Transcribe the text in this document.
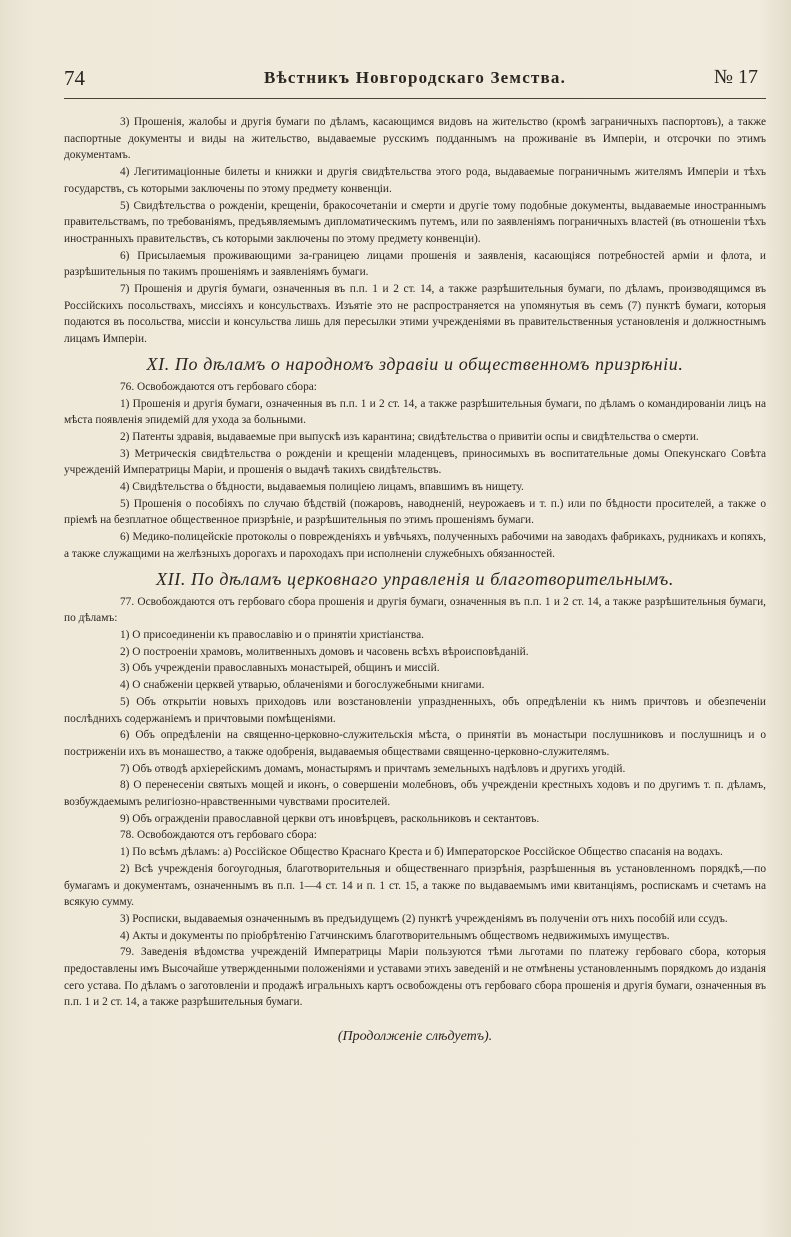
74	Вѣстникъ Новгородскаго Земства.	№ 17

3) Прошенія, жалобы и другія бумаги по дѣламъ, касающимся видовъ на жительство (кромѣ заграничныхъ паспортовъ), а также паспортные документы и виды на жительство, выдаваемые русскимъ подданнымъ на проживаніе въ Имперіи, и отсрочки по этимъ документамъ.

4) Легитимаціонные билеты и книжки и другія свидѣтельства этого рода, выдаваемые пограничнымъ жителямъ Имперіи и тѣхъ государствъ, съ которыми заключены по этому предмету конвенціи.

5) Свидѣтельства о рожденіи, крещеніи, бракосочетаніи и смерти и другіе тому подобные документы, выдаваемые иностраннымъ правительствамъ, по требованіямъ, предъявляемымъ дипломатическимъ путемъ, или по заявленіямъ пограничныхъ властей (въ отношеніи тѣхъ иностранныхъ правительствъ, съ которыми заключены по этому предмету конвенціи).

6) Присылаемыя проживающими за-границею лицами прошенія и заявленія, касающіяся потребностей арміи и флота, и разрѣшительныя по такимъ прошеніямъ и заявленіямъ бумаги.

7) Прошенія и другія бумаги, означенныя въ п.п. 1 и 2 ст. 14, а также разрѣшительныя бумаги, по дѣламъ, производящимся въ Россійскихъ посольствахъ, миссіяхъ и консульствахъ. Изъятіе это не распространяется на упомянутыя въ семъ (7) пунктѣ бумаги, которыя подаются въ посольства, миссіи и консульства лишь для пересылки этими учрежденіями въ правительственныя установленія и должностнымъ лицамъ Имперіи.

XI. По дѣламъ о народномъ здравіи и общественномъ призрѣніи.

76. Освобождаются отъ гербоваго сбора:

1) Прошенія и другія бумаги, означенныя въ п.п. 1 и 2 ст. 14, а также разрѣшительныя бумаги, по дѣламъ о командированіи лицъ на мѣста появленія эпидемій для ухода за больными.

2) Патенты здравія, выдаваемые при выпускѣ изъ карантина; свидѣтельства о привитіи оспы и свидѣтельства о смерти.

3) Метрическія свидѣтельства о рожденіи и крещеніи младенцевъ, приносимыхъ въ воспитательные домы Опекунскаго Совѣта учрежденій Императрицы Маріи, и прошенія о выдачѣ такихъ свидѣтельствъ.

4) Свидѣтельства о бѣдности, выдаваемыя полиціею лицамъ, впавшимъ въ нищету.

5) Прошенія о пособіяхъ по случаю бѣдствій (пожаровъ, наводненій, неурожаевъ и т. п.) или по бѣдности просителей, а также о пріемѣ на безплатное общественное призрѣніе, и разрѣшительныя по этимъ прошеніямъ бумаги.

6) Медико-полицейскіе протоколы о поврежденіяхъ и увѣчьяхъ, полученныхъ рабочими на заводахъ фабрикахъ, рудникахъ и копяхъ, а также служащими на желѣзныхъ дорогахъ и пароходахъ при исполненіи служебныхъ обязанностей.

XII. По дѣламъ церковнаго управленія и благотворительнымъ.

77. Освобождаются отъ гербоваго сбора прошенія и другія бумаги, означенныя въ п.п. 1 и 2 ст. 14, а также разрѣшительныя бумаги, по дѣламъ:

1) О присоединеніи къ православію и о принятіи христіанства.

2) О построеніи храмовъ, молитвенныхъ домовъ и часовень всѣхъ вѣроисповѣданій.

3) Объ учрежденіи православныхъ монастырей, общинъ и миссій.

4) О снабженіи церквей утварью, облаченіями и богослужебными книгами.

5) Объ открытіи новыхъ приходовъ или возстановленіи упраздненныхъ, объ опредѣленіи къ нимъ причтовъ и обезпеченіи послѣднихъ содержаніемъ и причтовыми помѣщеніями.

6) Объ опредѣленіи на священно-церковно-служительскія мѣста, о принятіи въ монастыри послушниковъ и послушницъ и о постриженіи ихъ въ монашество, а также одобренія, выдаваемыя обществами священно-церковно-служителямъ.

7) Объ отводѣ архіерейскимъ домамъ, монастырямъ и причтамъ земельныхъ надѣловъ и другихъ угодій.

8) О перенесеніи святыхъ мощей и иконъ, о совершеніи молебновъ, объ учрежденіи крестныхъ ходовъ и по другимъ т. п. дѣламъ, возбуждаемымъ религіозно-нравственными чувствами просителей.

9) Объ огражденіи православной церкви отъ иновѣрцевъ, раскольниковъ и сектантовъ.

78. Освобождаются отъ гербоваго сбора:

1) По всѣмъ дѣламъ: а) Россійское Общество Краснаго Креста и б) Императорское Россійское Общество спасанія на водахъ.

2) Всѣ учрежденія богоугодныя, благотворительныя и общественнаго призрѣнія, разрѣшенныя въ установленномъ порядкѣ,—по бумагамъ и документамъ, означеннымъ въ п.п. 1—4 ст. 14 и п. 1 ст. 15, а также по выдаваемымъ ими квитанціямъ, роспискамъ и счетамъ на всякую сумму.

3) Росписки, выдаваемыя означеннымъ въ предъидущемъ (2) пунктѣ учрежденіямъ въ полученіи отъ нихъ пособій или ссудъ.

4) Акты и документы по пріобрѣтенію Гатчинскимъ благотворительнымъ обществомъ недвижимыхъ имуществъ.

79. Заведенія вѣдомства учрежденій Императрицы Маріи пользуются тѣми льготами по платежу гербоваго сбора, которыя предоставлены имъ Высочайше утвержденными положеніями и уставами этихъ заведеній и не отмѣнены установленнымъ порядкомъ до изданія сего устава. По дѣламъ о заготовленіи и продажѣ игральныхъ картъ освобождены отъ гербоваго сбора прошенія и другія бумаги, означенныя въ п.п. 1 и 2 ст. 14, а также разрѣшительныя бумаги.

(Продолженіе слѣдуетъ).
